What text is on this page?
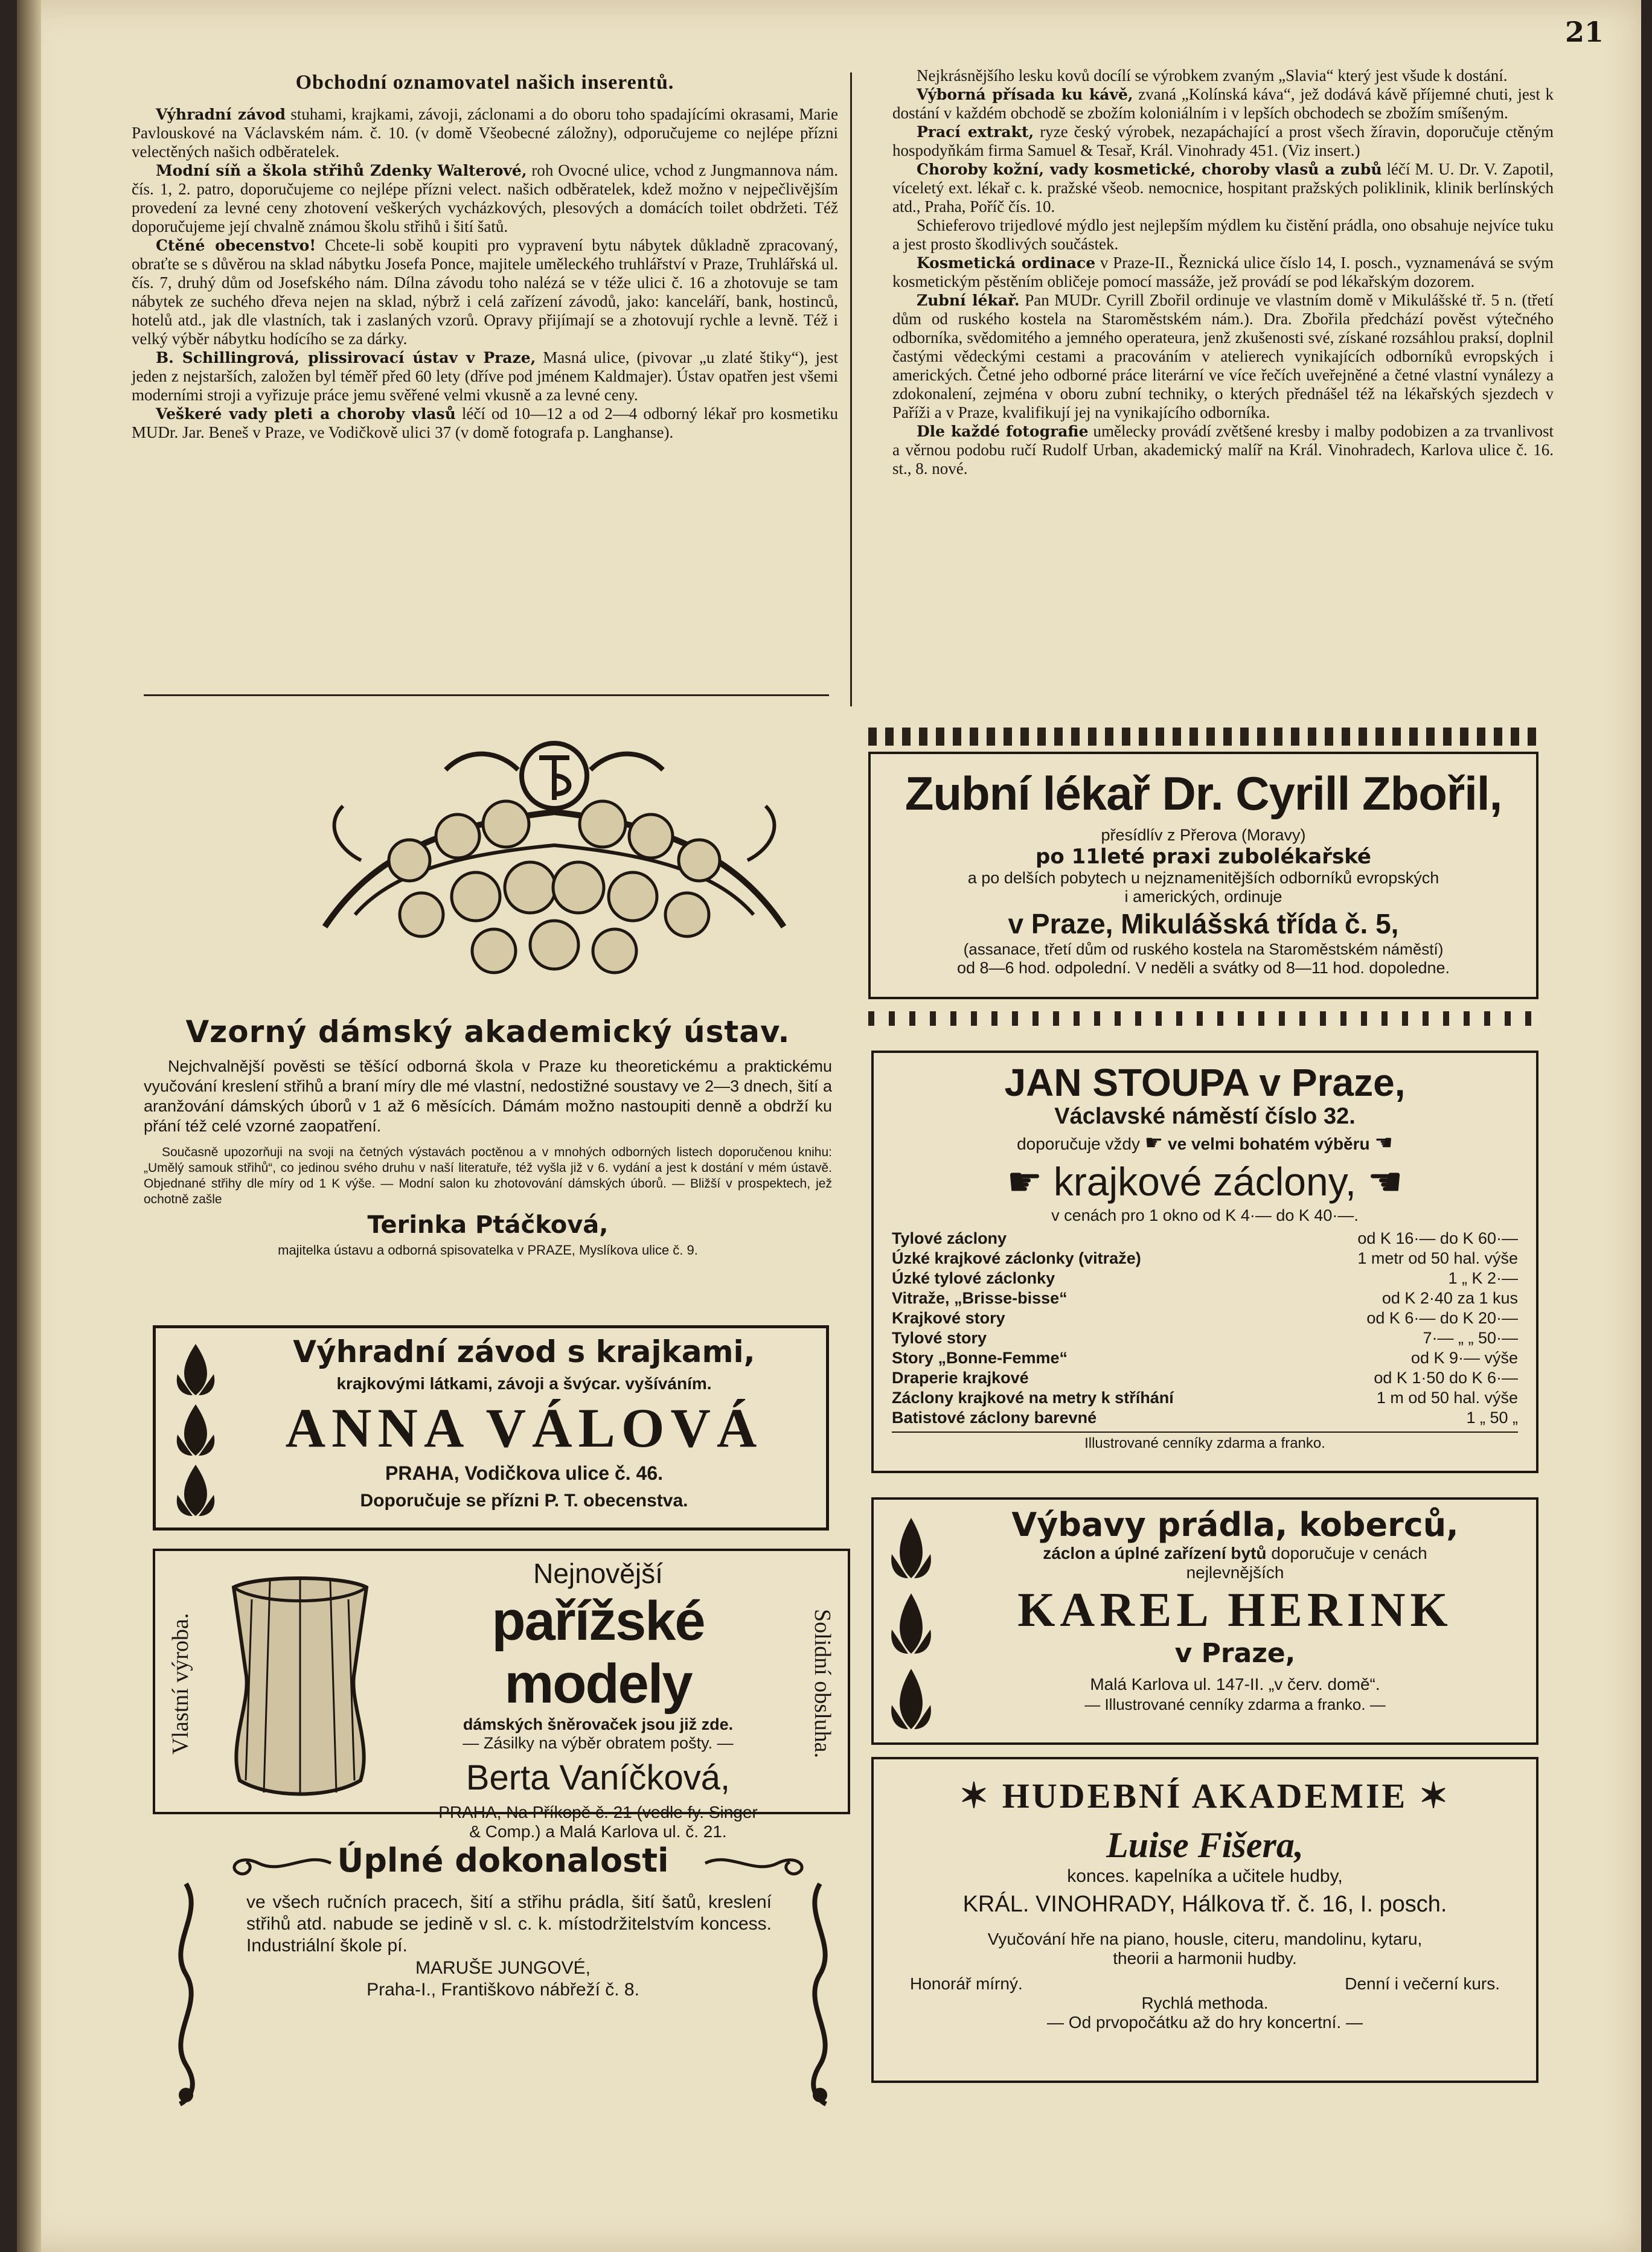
21
Obchodní oznamovatel našich inserentů.

Výhradní závod stuhami, krajkami, závoji, záclonami a do oboru toho spadajícími okrasami, Marie Pavlouskové na Václavském nám. č. 10. (v domě Všeobecné záložny), odporučujeme co nejlépe přízni velectěných našich odběratelek.

Modní síň a škola střihů Zdenky Walterové, roh Ovocné ulice, vchod z Jungmannova nám. čís. 1, 2. patro, doporučujeme co nejlépe přízni velect. našich odběratelek, kdež možno v nejpečlivějším provedení za levné ceny zhotovení veškerých vycházkových, plesových a domácích toilet obdržeti. Též doporučujeme její chvalně známou školu střihů i šití šatů.

Ctěné obecenstvo! Chcete-li sobě koupiti pro vypravení bytu nábytek důkladně zpracovaný, obraťte se s důvěrou na sklad nábytku Josefa Ponce, majitele uměleckého truhlářství v Praze, Truhlářská ul. čís. 7, druhý dům od Josefského nám. Dílna závodu toho nalézá se v téže ulici č. 16 a zhotovuje se tam nábytek ze suchého dřeva nejen na sklad, nýbrž i celá zařízení závodů, jako: kanceláří, bank, hostinců, hotelů atd., jak dle vlastních, tak i zaslaných vzorů. Opravy přijímají se a zhotovují rychle a levně. Též i velký výběr nábytku hodícího se za dárky.

B. Schillingrová, plissirovací ústav v Praze, Masná ulice, (pivovar „u zlaté štiky“), jest jeden z nejstarších, založen byl téměř před 60 lety (dříve pod jménem Kaldmajer). Ústav opatřen jest všemi moderními stroji a vyřizuje práce jemu svěřené velmi vkusně a za levné ceny.

Veškeré vady pleti a choroby vlasů léčí od 10—12 a od 2—4 odborný lékař pro kosmetiku MUDr. Jar. Beneš v Praze, ve Vodičkově ulici 37 (v domě fotografa p. Langhanse).

Nejkrásnějšího lesku kovů docílí se výrobkem zvaným „Slavia“ který jest všude k dostání.

Výborná přísada ku kávě, zvaná „Kolínská káva“, jež dodává kávě příjemné chuti, jest k dostání v každém obchodě se zbožím koloniálním i v lepších obchodech se zbožím smíšeným.

Prací extrakt, ryze český výrobek, nezapáchající a prost všech žíravin, doporučuje ctěným hospodyňkám firma Samuel & Tesař, Král. Vinohrady 451. (Viz insert.)

Choroby kožní, vady kosmetické, choroby vlasů a zubů léčí M. U. Dr. V. Zapotil, víceletý ext. lékař c. k. pražské všeob. nemocnice, hospitant pražských poliklinik, klinik berlínských atd., Praha, Poříč čís. 10.

Schieferovo trijedlové mýdlo jest nejlepším mýdlem ku čistění prádla, ono obsahuje nejvíce tuku a jest prosto škodlivých součástek.

Kosmetická ordinace v Praze-II., Řeznická ulice číslo 14, I. posch., vyznamenává se svým kosmetickým pěstěním obličeje pomocí massáže, jež provádí se pod lékařským dozorem.

Zubní lékař. Pan MUDr. Cyrill Zbořil ordinuje ve vlastním domě v Mikulášské tř. 5 n. (třetí dům od ruského kostela na Staroměstském nám.). Dra. Zbořila předchází pověst výtečného odborníka, svědomitého a jemného operateura, jenž zkušenosti své, získané rozsáhlou praksí, doplnil častými vědeckými cestami a pracováním v atelierech vynikajících odborníků evropských i amerických. Četné jeho odborné práce literární ve více řečích uveřejněné a četné vlastní vynálezy a zdokonalení, zejména v oboru zubní techniky, o kterých přednášel též na lékařských sjezdech v Paříži a v Praze, kvalifikují jej na vynikajícího odborníka.

Dle každé fotografie umělecky provádí zvětšené kresby i malby podobizen a za trvanlivost a věrnou podobu ručí Rudolf Urban, akademický malíř na Král. Vinohradech, Karlova ulice č. 16. st., 8. nové.

Vzorný dámský akademický ústav.

Nejchvalnější pověsti se těšící odborná škola v Praze ku theoretickému a praktickému vyučování kreslení střihů a braní míry dle mé vlastní, nedostižné soustavy ve 2—3 dnech, šití a aranžování dámských úborů v 1 až 6 měsících. Dámám možno nastoupiti denně a obdrží ku přání též celé vzorné zaopatření.

Současně upozorňuji na svoji na četných výstavách poctěnou a v mnohých odborných listech doporučenou knihu: „Umělý samouk střihů“, co jedinou svého druhu v naší literatuře, též vyšla již v 6. vydání a jest k dostání v mém ústavě. Objednané střihy dle míry od 1 K výše. — Modní salon ku zhotovování dámských úborů. — Bližší v prospektech, jež ochotně zašle

Terinka Ptáčková,
majitelka ústavu a odborná spisovatelka v PRAZE, Myslíkova ulice č. 9.
Výhradní závod s krajkami,
krajkovými látkami, závoji a švýcar. vyšíváním.
ANNA VÁLOVÁ
PRAHA, Vodičkova ulice č. 46.
Doporučuje se přízni P. T. obecenstva.
Vlastní výroba.	Solidní obsluha.
Nejnovější
pařížské modely
dámských šněrovaček jsou již zde.
— Zásilky na výběr obratem pošty. —
Berta Vaníčková,
PRAHA, Na Příkopě č. 21 (vedle fy. Singer
& Comp.) a Malá Karlova ul. č. 21.
Úplné dokonalosti
ve všech ručních pracech, šití a střihu prádla, šití šatů, kreslení střihů atd. nabude se jedině v sl. c. k. místodržitelstvím koncess. Industriální škole pí.
MARUŠE JUNGOVÉ,
Praha-I., Františkovo nábřeží č. 8.
Zubní lékař Dr. Cyrill Zbořil,
přesídlív z Přerova (Moravy)
po 11leté praxi zubolékařské
a po delších pobytech u nejznamenitějších odborníků evropských
i amerických, ordinuje
v Praze, Mikulášská třída č. 5,
(assanace, třetí dům od ruského kostela na Staroměstském náměstí)
od 8—6 hod. odpolední. V neděli a svátky od 8—11 hod. dopoledne.
JAN STOUPA v Praze,
Václavské náměstí číslo 32.
doporučuje vždy ☛ ve velmi bohatém výběru ☚
☛ krajkové záclony, ☚
v cenách pro 1 okno od K 4·— do K 40·—.
Tylové záclony	od K 16·— do K 60·—
Úzké krajkové záclonky (vitraže)	1 metr od 50 hal. výše
Úzké tylové záclonky	1 „ K 2·—
Vitraže, „Brisse-bisse“	od K 2·40 za 1 kus
Krajkové story	od K 6·— do K 20·—
Tylové story	7·— „ „ 50·—
Story „Bonne-Femme“	od K 9·— výše
Draperie krajkové	od K 1·50 do K 6·—
Záclony krajkové na metry k stříhání	1 m od 50 hal. výše
Batistové záclony barevné	1 „ 50 „
Illustrované cenníky zdarma a franko.
Výbavy prádla, koberců,
záclon a úplné zařízení bytů doporučuje v cenách
nejlevnějších
KAREL HERINK
v Praze,
Malá Karlova ul. 147-II. „v červ. domě“.
— Illustrované cenníky zdarma a franko. —
✶ HUDEBNÍ AKADEMIE ✶
Luise Fišera,
konces. kapelníka a učitele hudby,
KRÁL. VINOHRADY, Hálkova tř. č. 16, I. posch.
Vyučování hře na piano, housle, citeru, mandolinu, kytaru,
theorii a harmonii hudby.
Honorář mírný.	Denní i večerní kurs.
Rychlá methoda.
— Od prvopočátku až do hry koncertní. —
